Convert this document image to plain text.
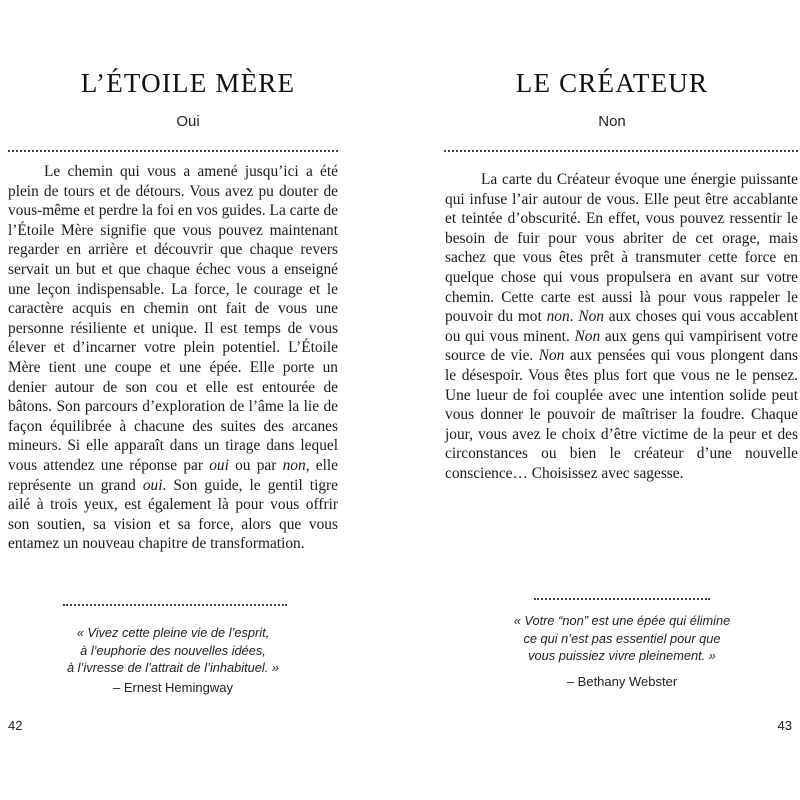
L’ÉTOILE MÈRE
Oui

Le chemin qui vous a amené jusqu’ici a été plein de tours et de détours. Vous avez pu douter de vous-même et perdre la foi en vos guides. La carte de l’Étoile Mère signifie que vous pouvez maintenant regarder en arrière et découvrir que chaque revers servait un but et que chaque échec vous a enseigné une leçon indispensable. La force, le courage et le caractère acquis en chemin ont fait de vous une personne résiliente et unique. Il est temps de vous élever et d’incarner votre plein potentiel. L’Étoile Mère tient une coupe et une épée. Elle porte un denier autour de son cou et elle est entourée de bâtons. Son parcours d’exploration de l’âme la lie de façon équilibrée à chacune des suites des arcanes mineurs. Si elle apparaît dans un tirage dans lequel vous attendez une réponse par oui ou par non, elle représente un grand oui. Son guide, le gentil tigre ailé à trois yeux, est également là pour vous offrir son soutien, sa vision et sa force, alors que vous entamez un nouveau chapitre de transformation.

« Vivez cette pleine vie de l’esprit,
à l’euphorie des nouvelles idées,
à l’ivresse de l’attrait de l’inhabituel. »
– Ernest Hemingway
42
LE CRÉATEUR
Non

La carte du Créateur évoque une énergie puissante qui infuse l’air autour de vous. Elle peut être accablante et teintée d’obscurité. En effet, vous pouvez ressentir le besoin de fuir pour vous abriter de cet orage, mais sachez que vous êtes prêt à transmuter cette force en quelque chose qui vous propulsera en avant sur votre chemin. Cette carte est aussi là pour vous rappeler le pouvoir du mot non. Non aux choses qui vous accablent ou qui vous minent. Non aux gens qui vampirisent votre source de vie. Non aux pensées qui vous plongent dans le désespoir. Vous êtes plus fort que vous ne le pensez. Une lueur de foi couplée avec une intention solide peut vous donner le pouvoir de maîtriser la foudre. Chaque jour, vous avez le choix d’être victime de la peur et des circonstances ou bien le créateur d’une nouvelle conscience… Choisissez avec sagesse.

« Votre “non” est une épée qui élimine
ce qui n’est pas essentiel pour que
vous puissiez vivre pleinement. »
– Bethany Webster
43
